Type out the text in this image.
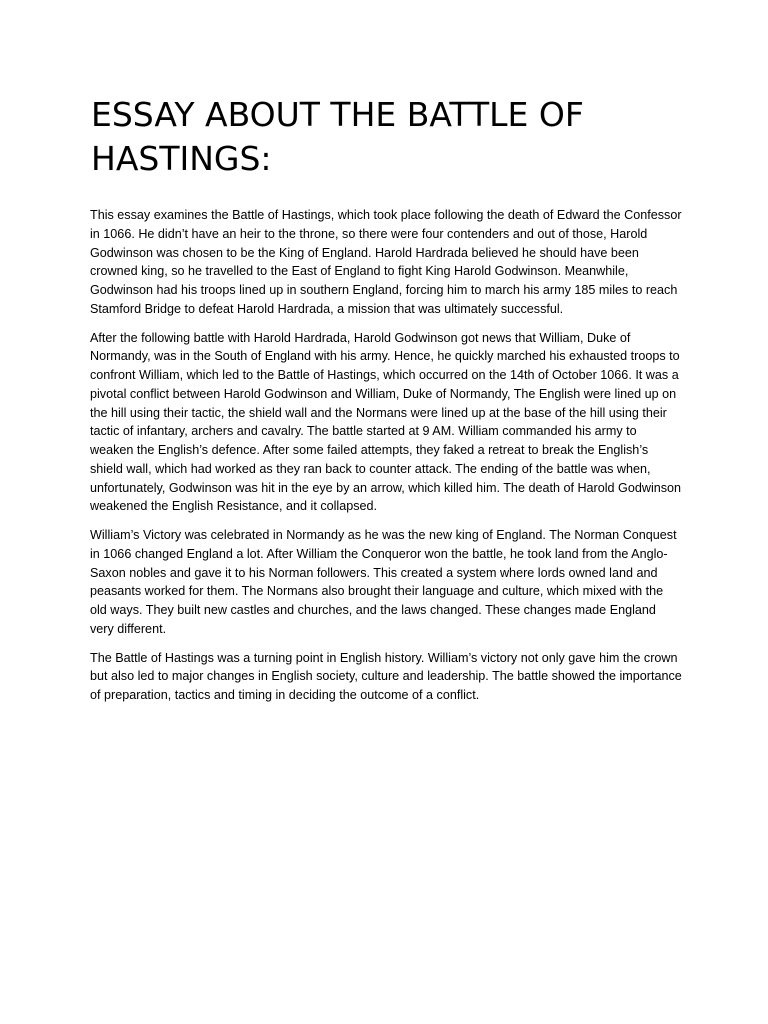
ESSAY ABOUT THE BATTLE OF HASTINGS:

This essay examines the Battle of Hastings, which took place following the death of Edward the Confessor in 1066. He didn’t have an heir to the throne, so there were four contenders and out of those, Harold Godwinson was chosen to be the King of England. Harold Hardrada believed he should have been crowned king, so he travelled to the East of England to fight King Harold Godwinson. Meanwhile, Godwinson had his troops lined up in southern England, forcing him to march his army 185 miles to reach Stamford Bridge to defeat Harold Hardrada, a mission that was ultimately successful.

After the following battle with Harold Hardrada, Harold Godwinson got news that William, Duke of Normandy, was in the South of England with his army. Hence, he quickly marched his exhausted troops to confront William, which led to the Battle of Hastings, which occurred on the 14th of October 1066. It was a pivotal conflict between Harold Godwinson and William, Duke of Normandy, The English were lined up on the hill using their tactic, the shield wall and the Normans were lined up at the base of the hill using their tactic of infantary, archers and cavalry. The battle started at 9 AM. William commanded his army to weaken the English’s defence. After some failed attempts, they faked a retreat to break the English’s shield wall, which had worked as they ran back to counter attack. The ending of the battle was when, unfortunately, Godwinson was hit in the eye by an arrow, which killed him. The death of Harold Godwinson weakened the English Resistance, and it collapsed.

William’s Victory was celebrated in Normandy as he was the new king of England. The Norman Conquest in 1066 changed England a lot. After William the Conqueror won the battle, he took land from the Anglo-Saxon nobles and gave it to his Norman followers. This created a system where lords owned land and peasants worked for them. The Normans also brought their language and culture, which mixed with the old ways. They built new castles and churches, and the laws changed. These changes made England very different.

The Battle of Hastings was a turning point in English history. William’s victory not only gave him the crown but also led to major changes in English society, culture and leadership. The battle showed the importance of preparation, tactics and timing in deciding the outcome of a conflict.
